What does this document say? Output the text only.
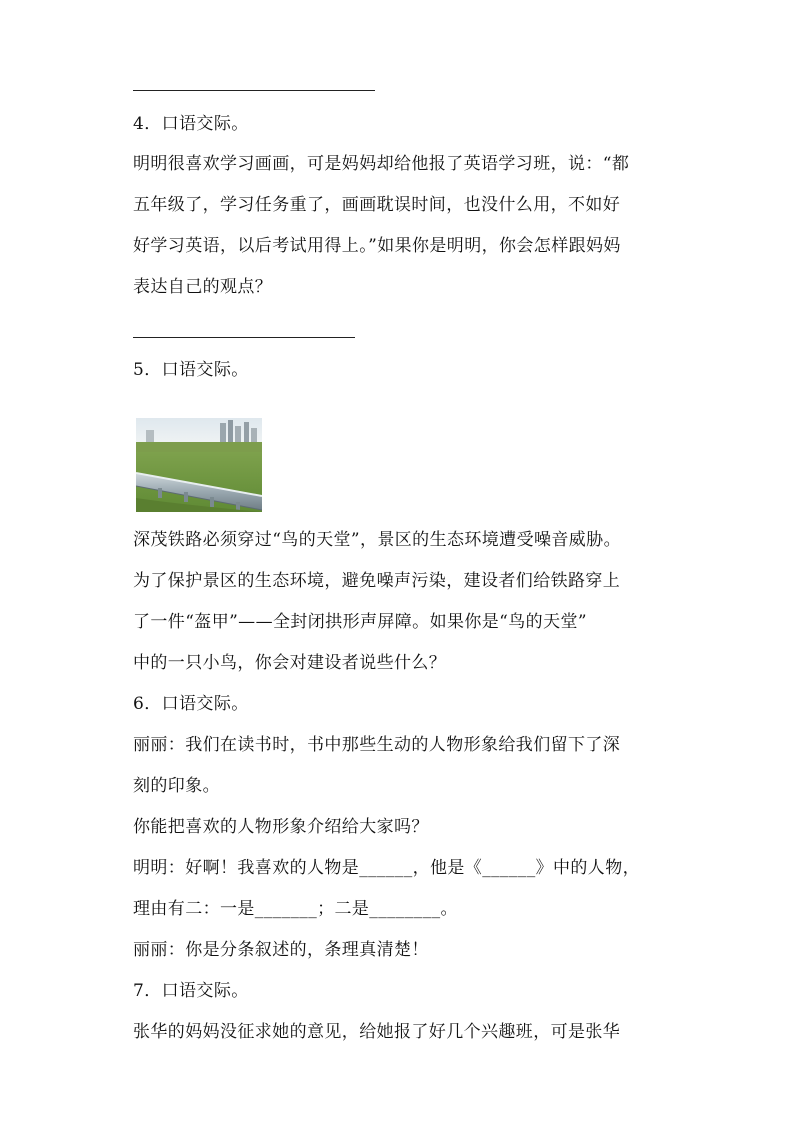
4．口语交际。
明明很喜欢学习画画，可是妈妈却给他报了英语学习班，说：“都
五年级了，学习任务重了，画画耽误时间，也没什么用，不如好
好学习英语，以后考试用得上。”如果你是明明，你会怎样跟妈妈
表达自己的观点？
5．口语交际。
深茂铁路必须穿过“鸟的天堂”，景区的生态环境遭受噪音威胁。
为了保护景区的生态环境，避免噪声污染，建设者们给铁路穿上
了一件“盔甲”——全封闭拱形声屏障。如果你是“鸟的天堂”
中的一只小鸟，你会对建设者说些什么？
6．口语交际。
丽丽：我们在读书时，书中那些生动的人物形象给我们留下了深
刻的印象。
你能把喜欢的人物形象介绍给大家吗？
明明：好啊！我喜欢的人物是______，他是《______》中的人物，
理由有二：一是_______；二是________。
丽丽：你是分条叙述的，条理真清楚！
7．口语交际。
张华的妈妈没征求她的意见，给她报了好几个兴趣班，可是张华
